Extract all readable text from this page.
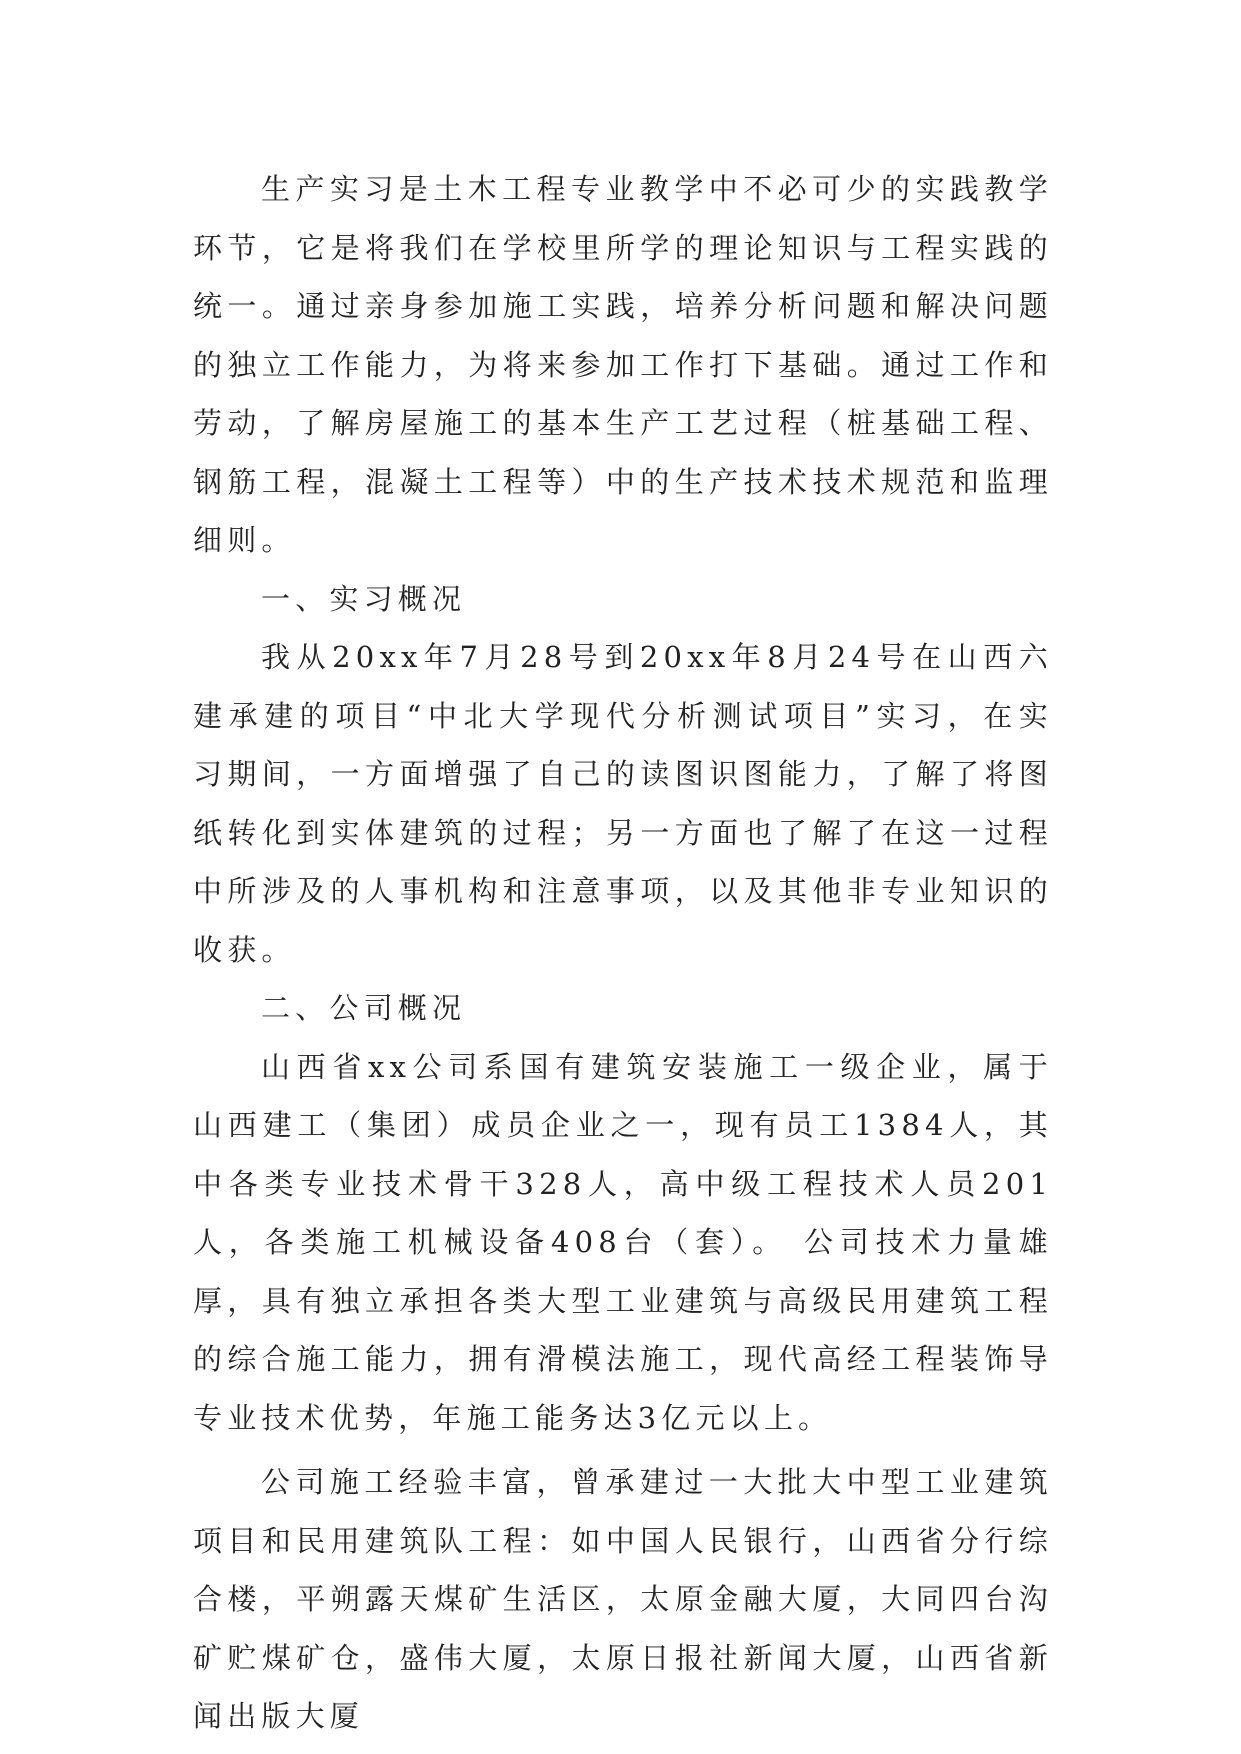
生产实习是土木工程专业教学中不必可少的实践教学环节，它是将我们在学校里所学的理论知识与工程实践的统一。通过亲身参加施工实践，培养分析问题和解决问题的独立工作能力，为将来参加工作打下基础。通过工作和劳动，了解房屋施工的基本生产工艺过程（桩基础工程、钢筋工程，混凝土工程等）中的生产技术技术规范和监理细则。

一、实习概况

我从20xx年7月28号到20xx年8月24号在山西六建承建的项目“中北大学现代分析测试项目”实习，在实习期间，一方面增强了自己的读图识图能力，了解了将图纸转化到实体建筑的过程；另一方面也了解了在这一过程中所涉及的人事机构和注意事项，以及其他非专业知识的收获。

二、公司概况

山西省xx公司系国有建筑安装施工一级企业，属于山西建工（集团）成员企业之一，现有员工1384人，其中各类专业技术骨干328人，高中级工程技术人员201人，各类施工机械设备408台（套）。 公司技术力量雄厚，具有独立承担各类大型工业建筑与高级民用建筑工程的综合施工能力，拥有滑模法施工，现代高经工程装饰导专业技术优势，年施工能务达3亿元以上。

公司施工经验丰富，曾承建过一大批大中型工业建筑项目和民用建筑队工程：如中国人民银行，山西省分行综合楼，平朔露天煤矿生活区，太原金融大厦，大同四台沟矿贮煤矿仓，盛伟大厦，太原日报社新闻大厦，山西省新闻出版大厦
